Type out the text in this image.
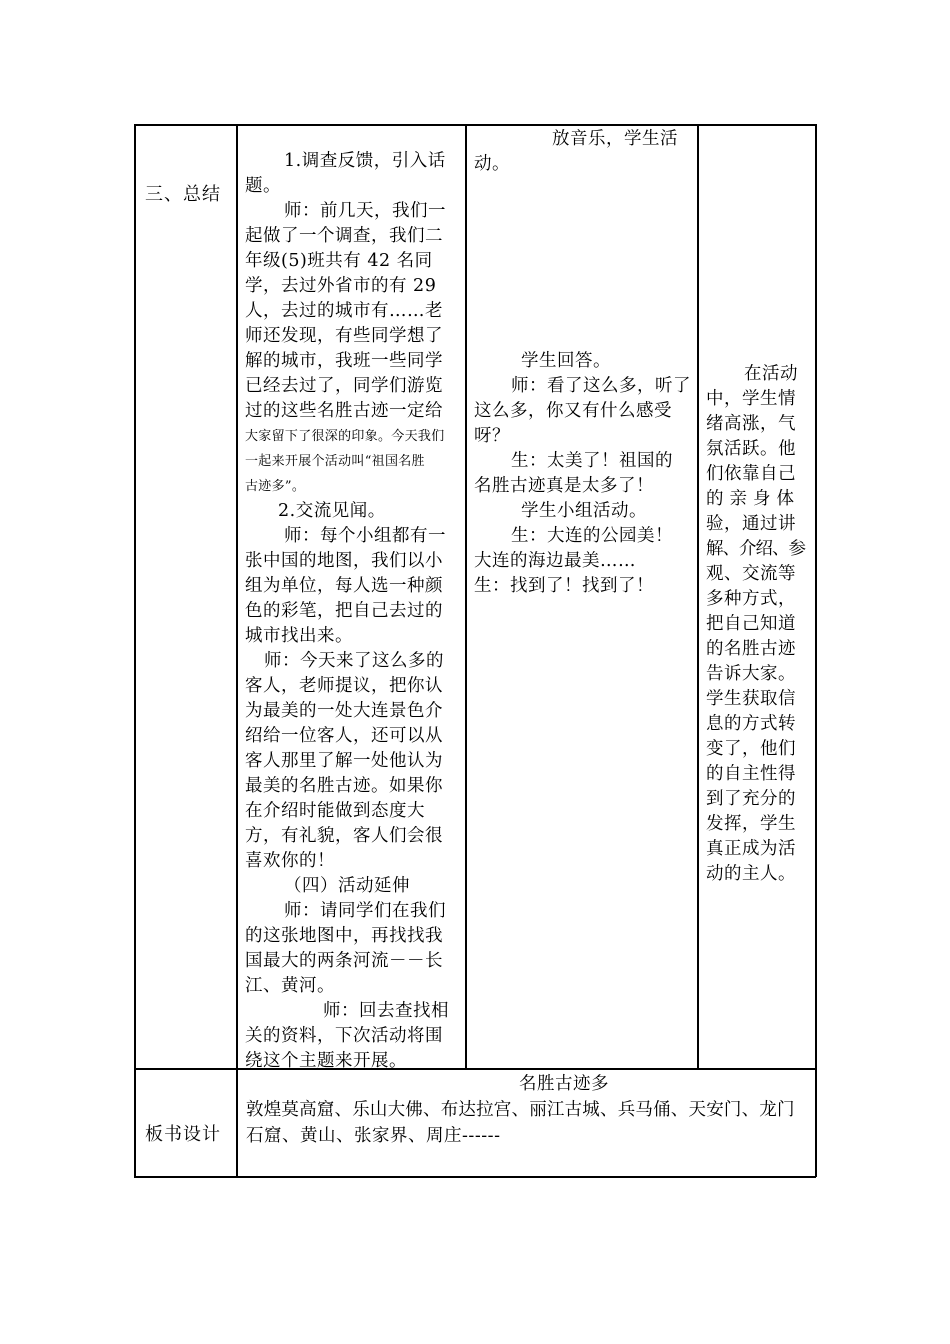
三、总结
板书设计
1.调查反馈，引入话
题。
师：前几天，我们一
起做了一个调查，我们二
年级(5)班共有 42 名同
学，去过外省市的有 29
人，去过的城市有……老
师还发现，有些同学想了
解的城市，我班一些同学
已经去过了，同学们游览
过的这些名胜古迹一定给
大家留下了很深的印象。今天我们
一起来开展个活动叫“祖国名胜
古迹多”。
2.交流见闻。
师：每个小组都有一
张中国的地图，我们以小
组为单位，每人选一种颜
色的彩笔，把自己去过的
城市找出来。
师：今天来了这么多的
客人，老师提议，把你认
为最美的一处大连景色介
绍给一位客人，还可以从
客人那里了解一处他认为
最美的名胜古迹。如果你
在介绍时能做到态度大
方，有礼貌，客人们会很
喜欢你的！
（四）活动延伸
师：请同学们在我们
的这张地图中，再找找我
国最大的两条河流－－长
江、黄河。
师：回去查找相
关的资料，下次活动将围
绕这个主题来开展。
放音乐，学生活
动。
学生回答。
师：看了这么多，听了
这么多，你又有什么感受
呀？
生：太美了！祖国的
名胜古迹真是太多了！
学生小组活动。
生：大连的公园美！
大连的海边最美……
生：找到了！找到了！
在活动
中，学生情
绪高涨，气
氛活跃。他
们依靠自己
的亲身体
验，通过讲
解、介绍、参
观、交流等
多种方式，
把自己知道
的名胜古迹
告诉大家。
学生获取信
息的方式转
变了，他们
的自主性得
到了充分的
发挥，学生
真正成为活
动的主人。
名胜古迹多
敦煌莫高窟、乐山大佛、布达拉宫、丽江古城、兵马俑、天安门、龙门
石窟、黄山、张家界、周庄------
